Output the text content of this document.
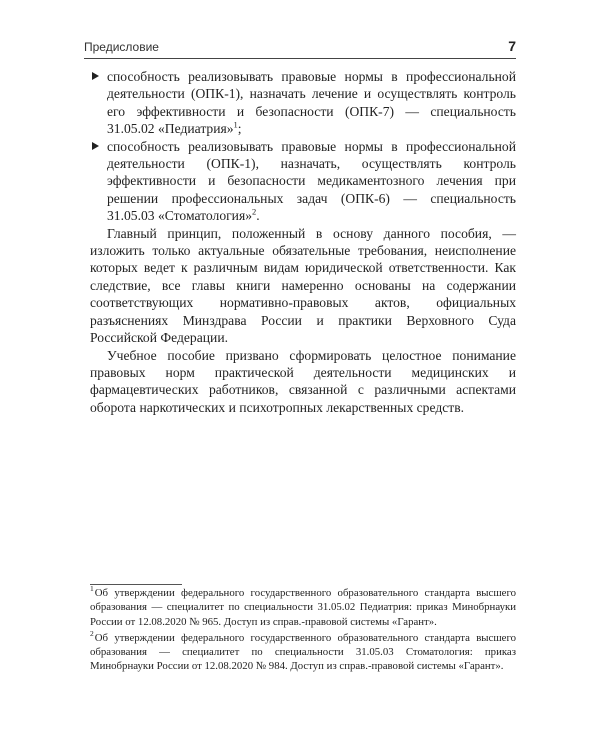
Предисловие	7
способность реализовывать правовые нормы в профессиональной деятельности (ОПК-1), назначать лечение и осуществлять контроль его эффективности и безопасности (ОПК-7) — специальность 31.05.02 «Педиатрия»$^1$;
способность реализовывать правовые нормы в профессиональной деятельности (ОПК-1), назначать, осуществлять контроль эффективности и безопасности медикаментозного лечения при решении профессиональных задач (ОПК-6) — специальность 31.05.03 «Стоматология»$^2$.

Главный принцип, положенный в основу данного пособия, — изложить только актуальные обязательные требования, неисполнение которых ведет к различным видам юридической ответственности. Как следствие, все главы книги намеренно основаны на содержании соответствующих нормативно-правовых актов, официальных разъяснениях Минздрава России и практики Верховного Суда Российской Федерации.

Учебное пособие призвано сформировать целостное понимание правовых норм практической деятельности медицинских и фармацевтических работников, связанной с различными аспектами оборота наркотических и психотропных лекарственных средств.

$^1$Об утверждении федерального государственного образовательного стандарта высшего образования — специалитет по специальности 31.05.02 Педиатрия: приказ Минобрнауки России от 12.08.2020 № 965. Доступ из справ.-правовой системы «Гарант».

$^2$Об утверждении федерального государственного образовательного стандарта высшего образования — специалитет по специальности 31.05.03 Стоматология: приказ Минобрнауки России от 12.08.2020 № 984. Доступ из справ.-правовой системы «Гарант».
